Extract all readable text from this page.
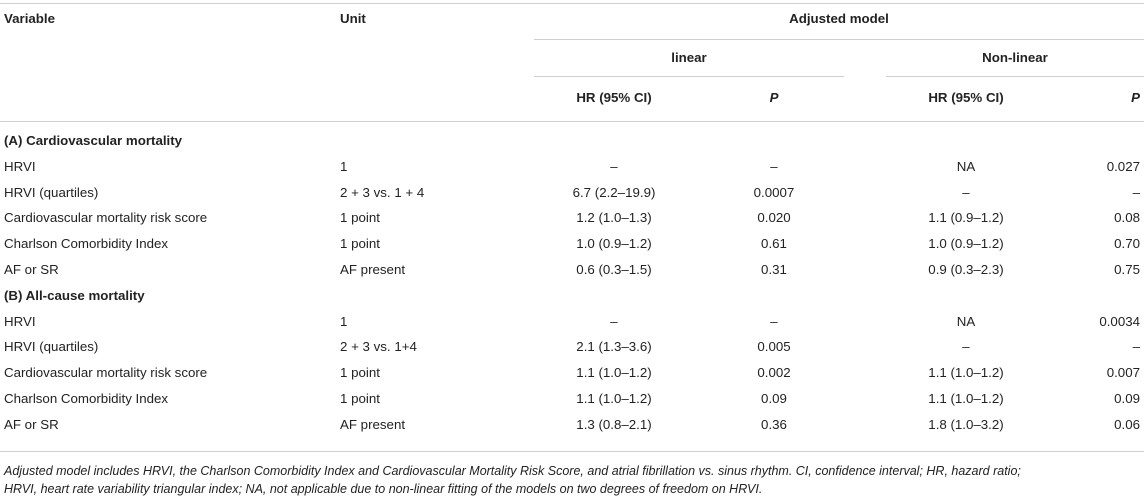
Variable	Unit	Adjusted model
linear	Non-linear
HR (95% CI)	P	HR (95% CI)	P
(A) Cardiovascular mortality
HRVI	1	–	–	NA	0.027
HRVI (quartiles)	2 + 3 vs. 1 + 4	6.7 (2.2–19.9)	0.0007	–	–
Cardiovascular mortality risk score	1 point	1.2 (1.0–1.3)	0.020	1.1 (0.9–1.2)	0.08
Charlson Comorbidity Index	1 point	1.0 (0.9–1.2)	0.61	1.0 (0.9–1.2)	0.70
AF or SR	AF present	0.6 (0.3–1.5)	0.31	0.9 (0.3–2.3)	0.75
(B) All-cause mortality
HRVI	1	–	–	NA	0.0034
HRVI (quartiles)	2 + 3 vs. 1+4	2.1 (1.3–3.6)	0.005	–	–
Cardiovascular mortality risk score	1 point	1.1 (1.0–1.2)	0.002	1.1 (1.0–1.2)	0.007
Charlson Comorbidity Index	1 point	1.1 (1.0–1.2)	0.09	1.1 (1.0–1.2)	0.09
AF or SR	AF present	1.3 (0.8–2.1)	0.36	1.8 (1.0–3.2)	0.06
Adjusted model includes HRVI, the Charlson Comorbidity Index and Cardiovascular Mortality Risk Score, and atrial fibrillation vs. sinus rhythm. CI, confidence interval; HR, hazard ratio;
HRVI, heart rate variability triangular index; NA, not applicable due to non-linear fitting of the models on two degrees of freedom on HRVI.
